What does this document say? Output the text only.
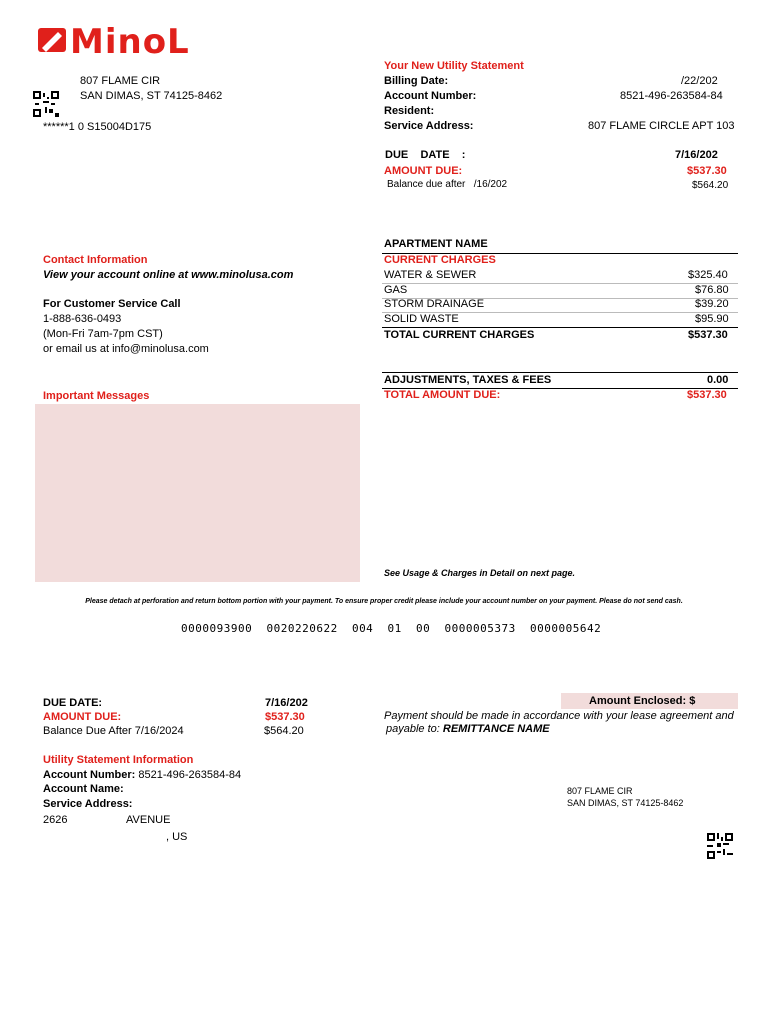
MinoL
807 FLAME CIR
SAN DIMAS, ST 74125-8462
******1 0 S15004D175
Your New Utility Statement
Billing Date:	/22/202
Account Number:	8521-496-263584-84
Resident:
Service Address:	807 FLAME CIRCLE APT 103
DUE    DATE    :	7/16/202
AMOUNT DUE:	$537.30
Balance due after   /16/202	$564.20
Contact Information
View your account online at www.minolusa.com
For Customer Service Call
1-888-636-0493
(Mon-Fri 7am-7pm CST)
or email us at info@minolusa.com
Important Messages
APARTMENT NAME
CURRENT CHARGES
WATER & SEWER	$325.40
GAS	$76.80
STORM DRAINAGE	$39.20
SOLID WASTE	$95.90
TOTAL CURRENT CHARGES	$537.30
ADJUSTMENTS, TAXES & FEES	0.00
TOTAL AMOUNT DUE:	$537.30
See Usage & Charges in Detail on next page.
Please detach at perforation and return bottom portion with your payment. To ensure proper credit please include your account number on your payment. Please do not send cash.
0000093900  0020220622  004  01  00  0000005373  0000005642
DUE DATE:	7/16/202
AMOUNT DUE:	$537.30
Balance Due After 7/16/2024	$564.20
Amount Enclosed: $
Payment should be made in accordance with your lease agreement and
payable to: REMITTANCE NAME
Utility Statement Information
Account Number: 8521-496-263584-84
Account Name:
Service Address:
2626	AVENUE
, US
807 FLAME CIR
SAN DIMAS, ST 74125-8462
